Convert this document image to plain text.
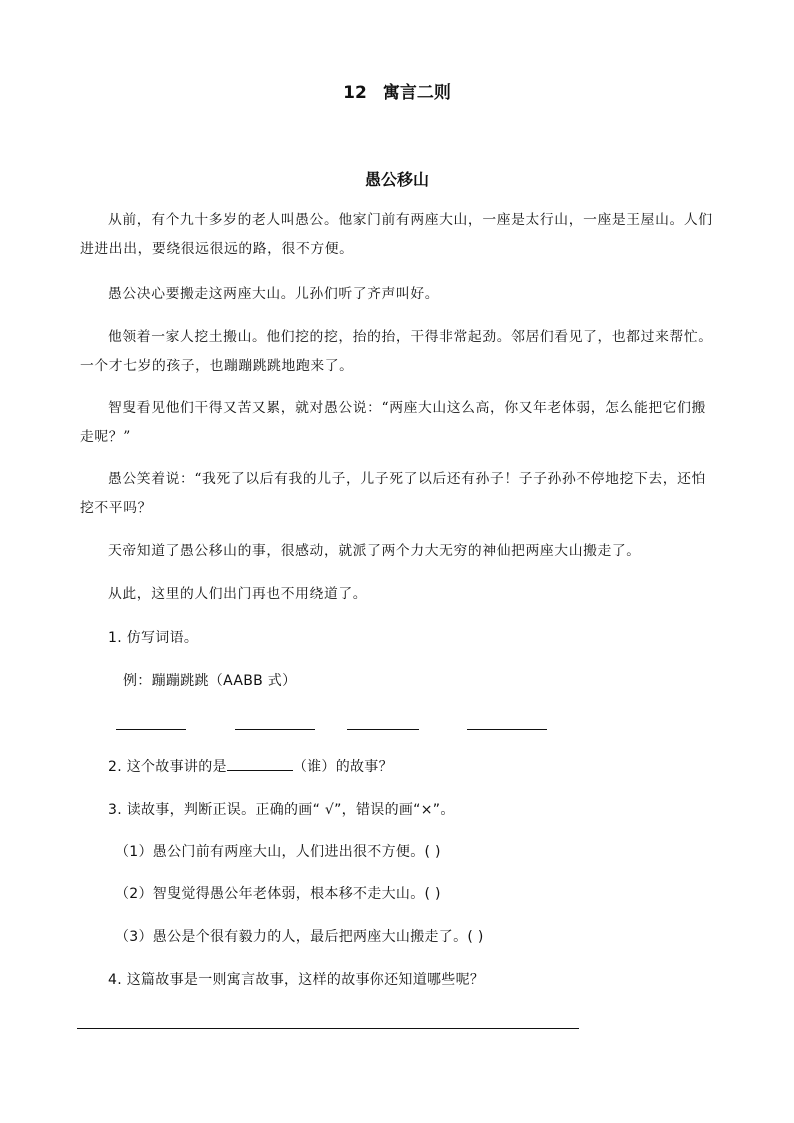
12 寓言二则
愚公移山

从前，有个九十多岁的老人叫愚公。他家门前有两座大山，一座是太行山，一座是王屋山。人们进进出出，要绕很远很远的路，很不方便。

愚公决心要搬走这两座大山。儿孙们听了齐声叫好。

他领着一家人挖土搬山。他们挖的挖，抬的抬，干得非常起劲。邻居们看见了，也都过来帮忙。一个才七岁的孩子，也蹦蹦跳跳地跑来了。

智叟看见他们干得又苦又累，就对愚公说：“两座大山这么高，你又年老体弱，怎么能把它们搬走呢？”

愚公笑着说：“我死了以后有我的儿子，儿子死了以后还有孙子！子子孙孙不停地挖下去，还怕挖不平吗？

天帝知道了愚公移山的事，很感动，就派了两个力大无穷的神仙把两座大山搬走了。

从此，这里的人们出门再也不用绕道了。

1. 仿写词语。
例：蹦蹦跳跳（AABB 式）
2. 这个故事讲的是	（谁）的故事？
3. 读故事，判断正误。正确的画“ √”，错误的画“×”。
（1）愚公门前有两座大山，人们进出很不方便。( )
（2）智叟觉得愚公年老体弱，根本移不走大山。( )
（3）愚公是个很有毅力的人，最后把两座大山搬走了。( )
4. 这篇故事是一则寓言故事，这样的故事你还知道哪些呢？
